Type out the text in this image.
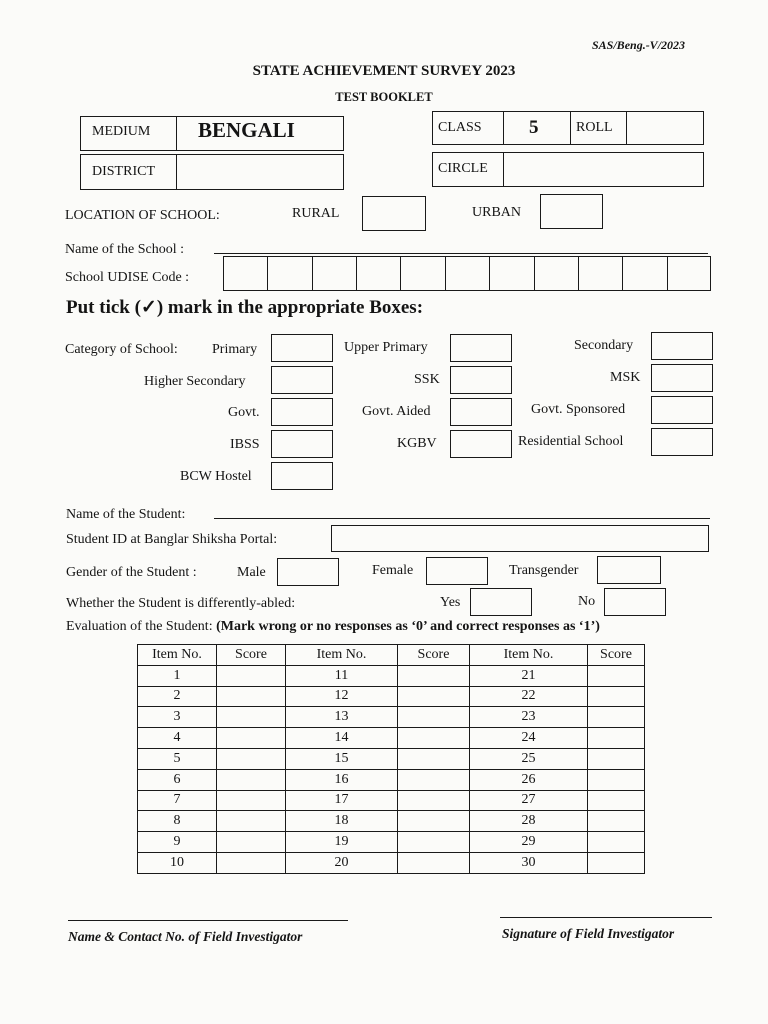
SAS/Beng.-V/2023
STATE ACHIEVEMENT SURVEY 2023
TEST BOOKLET
MEDIUM BENGALI	CLASS 5	ROLL
DISTRICT	CIRCLE
LOCATION OF SCHOOL:	RURAL	URBAN
Name of the School :
School UDISE Code :
Put tick (✓) mark in the appropriate Boxes:
Category of School: Primary	Upper Primary	Secondary
Higher Secondary	SSK	MSK
Govt.	Govt. Aided	Govt. Sponsored
IBSS	KGBV	Residential School
BCW Hostel
Name of the Student:
Student ID at Banglar Shiksha Portal:
Gender of the Student :	Male	Female	Transgender
Whether the Student is differently-abled:	Yes	No
Evaluation of the Student: (Mark wrong or no responses as ‘0’ and correct responses as ‘1’)
Item No.	Score	Item No.	Score	Item No.	Score
1		11		21	
2		12		22	
3		13		23	
4		14		24	
5		15		25	
6		16		26	
7		17		27	
8		18		28	
9		19		29	
10		20		30	
Name & Contact No. of Field Investigator	Signature of Field Investigator
